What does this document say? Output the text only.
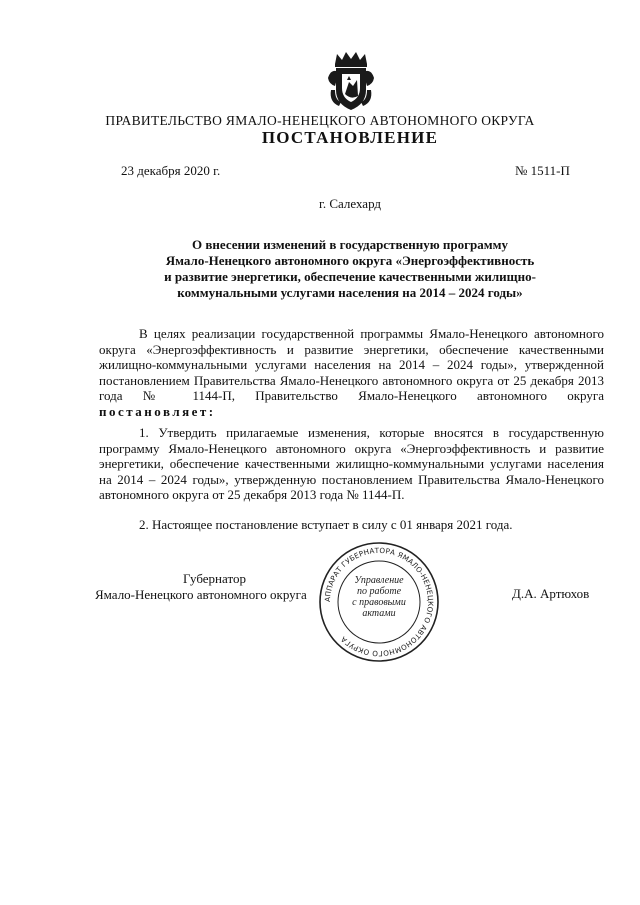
ПРАВИТЕЛЬСТВО ЯМАЛО-НЕНЕЦКОГО АВТОНОМНОГО ОКРУГА
ПОСТАНОВЛЕНИЕ
23 декабря 2020 г.	№ 1511-П
г. Салехард
О внесении изменений в государственную программу
Ямало-Ненецкого автономного округа «Энергоэффективность
и развитие энергетики, обеспечение качественными жилищно-
коммунальными услугами населения на 2014 – 2024 годы»
В целях реализации государственной программы Ямало-Ненецкого автономного округа «Энергоэффективность и развитие энергетики, обеспечение качественными жилищно-коммунальными услугами населения на 2014 – 2024 годы», утвержденной постановлением Правительства Ямало-Ненецкого автономного округа от 25 декабря 2013 года № 1144-П, Правительство Ямало-Ненецкого автономного округа постановляет:
1. Утвердить прилагаемые изменения, которые вносятся в государственную программу Ямало-Ненецкого автономного округа «Энергоэффективность и развитие энергетики, обеспечение качественными жилищно-коммунальными услугами населения на 2014 – 2024 годы», утвержденную постановлением Правительства Ямало-Ненецкого автономного округа от 25 декабря 2013 года № 1144-П.
2. Настоящее постановление вступает в силу с 01 января 2021 года.
Губернатор
Ямало-Ненецкого автономного округа	Д.А. Артюхов
АППАРАТ ГУБЕРНАТОРА ЯМАЛО-НЕНЕЦКОГО АВТОНОМНОГО ОКРУГА
Управление
по работе
с правовыми
актами
